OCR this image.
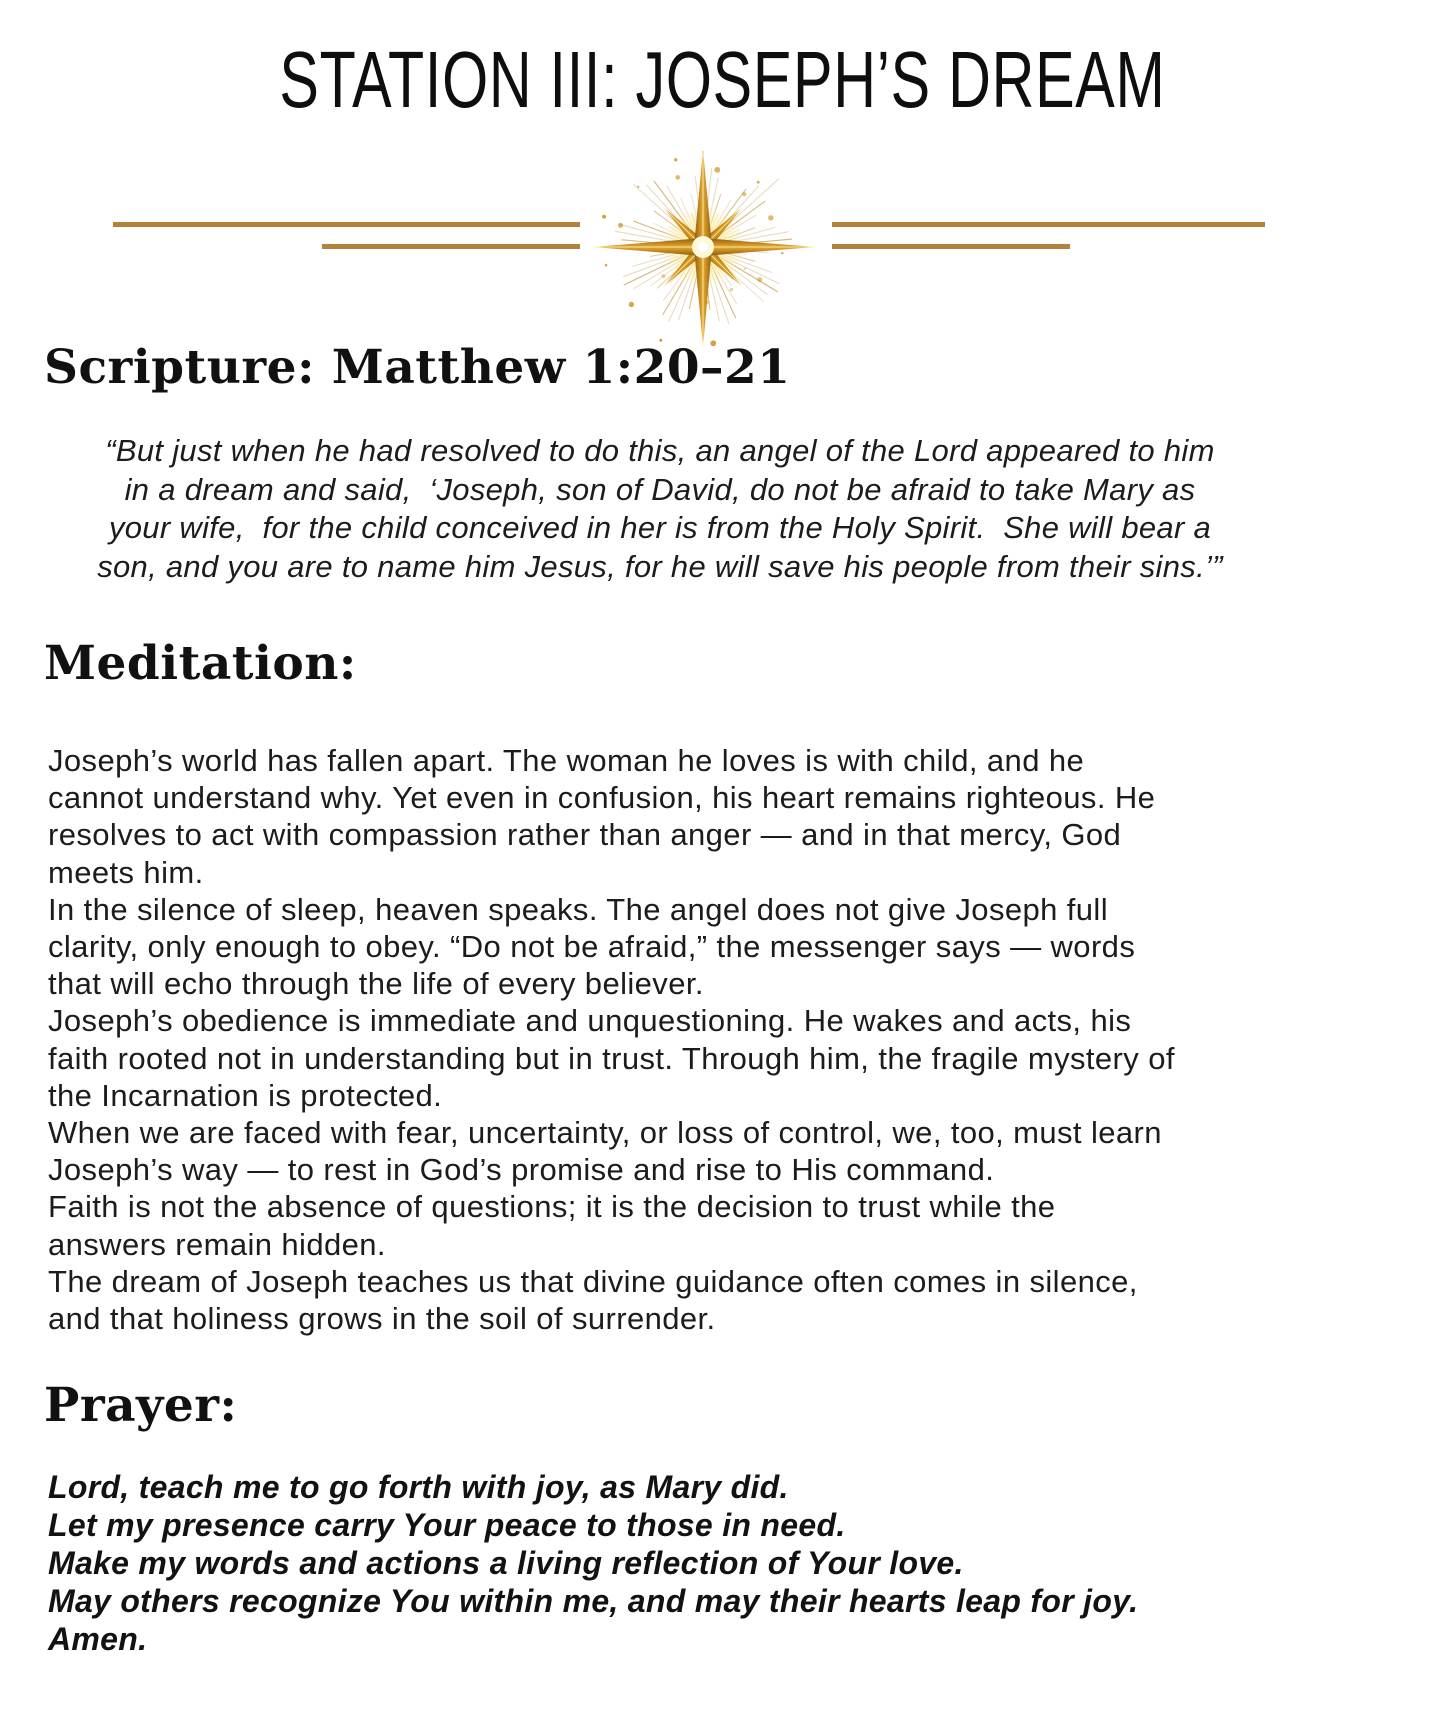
STATION III: JOSEPH’S DREAM
Scripture: Matthew 1:20–21
“But just when he had resolved to do this, an angel of the Lord appeared to him
in a dream and said,  ‘Joseph, son of David, do not be afraid to take Mary as
your wife,  for the child conceived in her is from the Holy Spirit.  She will bear a
son, and you are to name him Jesus, for he will save his people from their sins.’”
Meditation:
Joseph’s world has fallen apart. The woman he loves is with child, and he
cannot understand why. Yet even in confusion, his heart remains righteous. He
resolves to act with compassion rather than anger — and in that mercy, God
meets him.
In the silence of sleep, heaven speaks. The angel does not give Joseph full
clarity, only enough to obey. “Do not be afraid,” the messenger says — words
that will echo through the life of every believer.
Joseph’s obedience is immediate and unquestioning. He wakes and acts, his
faith rooted not in understanding but in trust. Through him, the fragile mystery of
the Incarnation is protected.
When we are faced with fear, uncertainty, or loss of control, we, too, must learn
Joseph’s way — to rest in God’s promise and rise to His command.
Faith is not the absence of questions; it is the decision to trust while the
answers remain hidden.
The dream of Joseph teaches us that divine guidance often comes in silence,
and that holiness grows in the soil of surrender.
Prayer:
Lord, teach me to go forth with joy, as Mary did.
Let my presence carry Your peace to those in need.
Make my words and actions a living reflection of Your love.
May others recognize You within me, and may their hearts leap for joy.
Amen.
